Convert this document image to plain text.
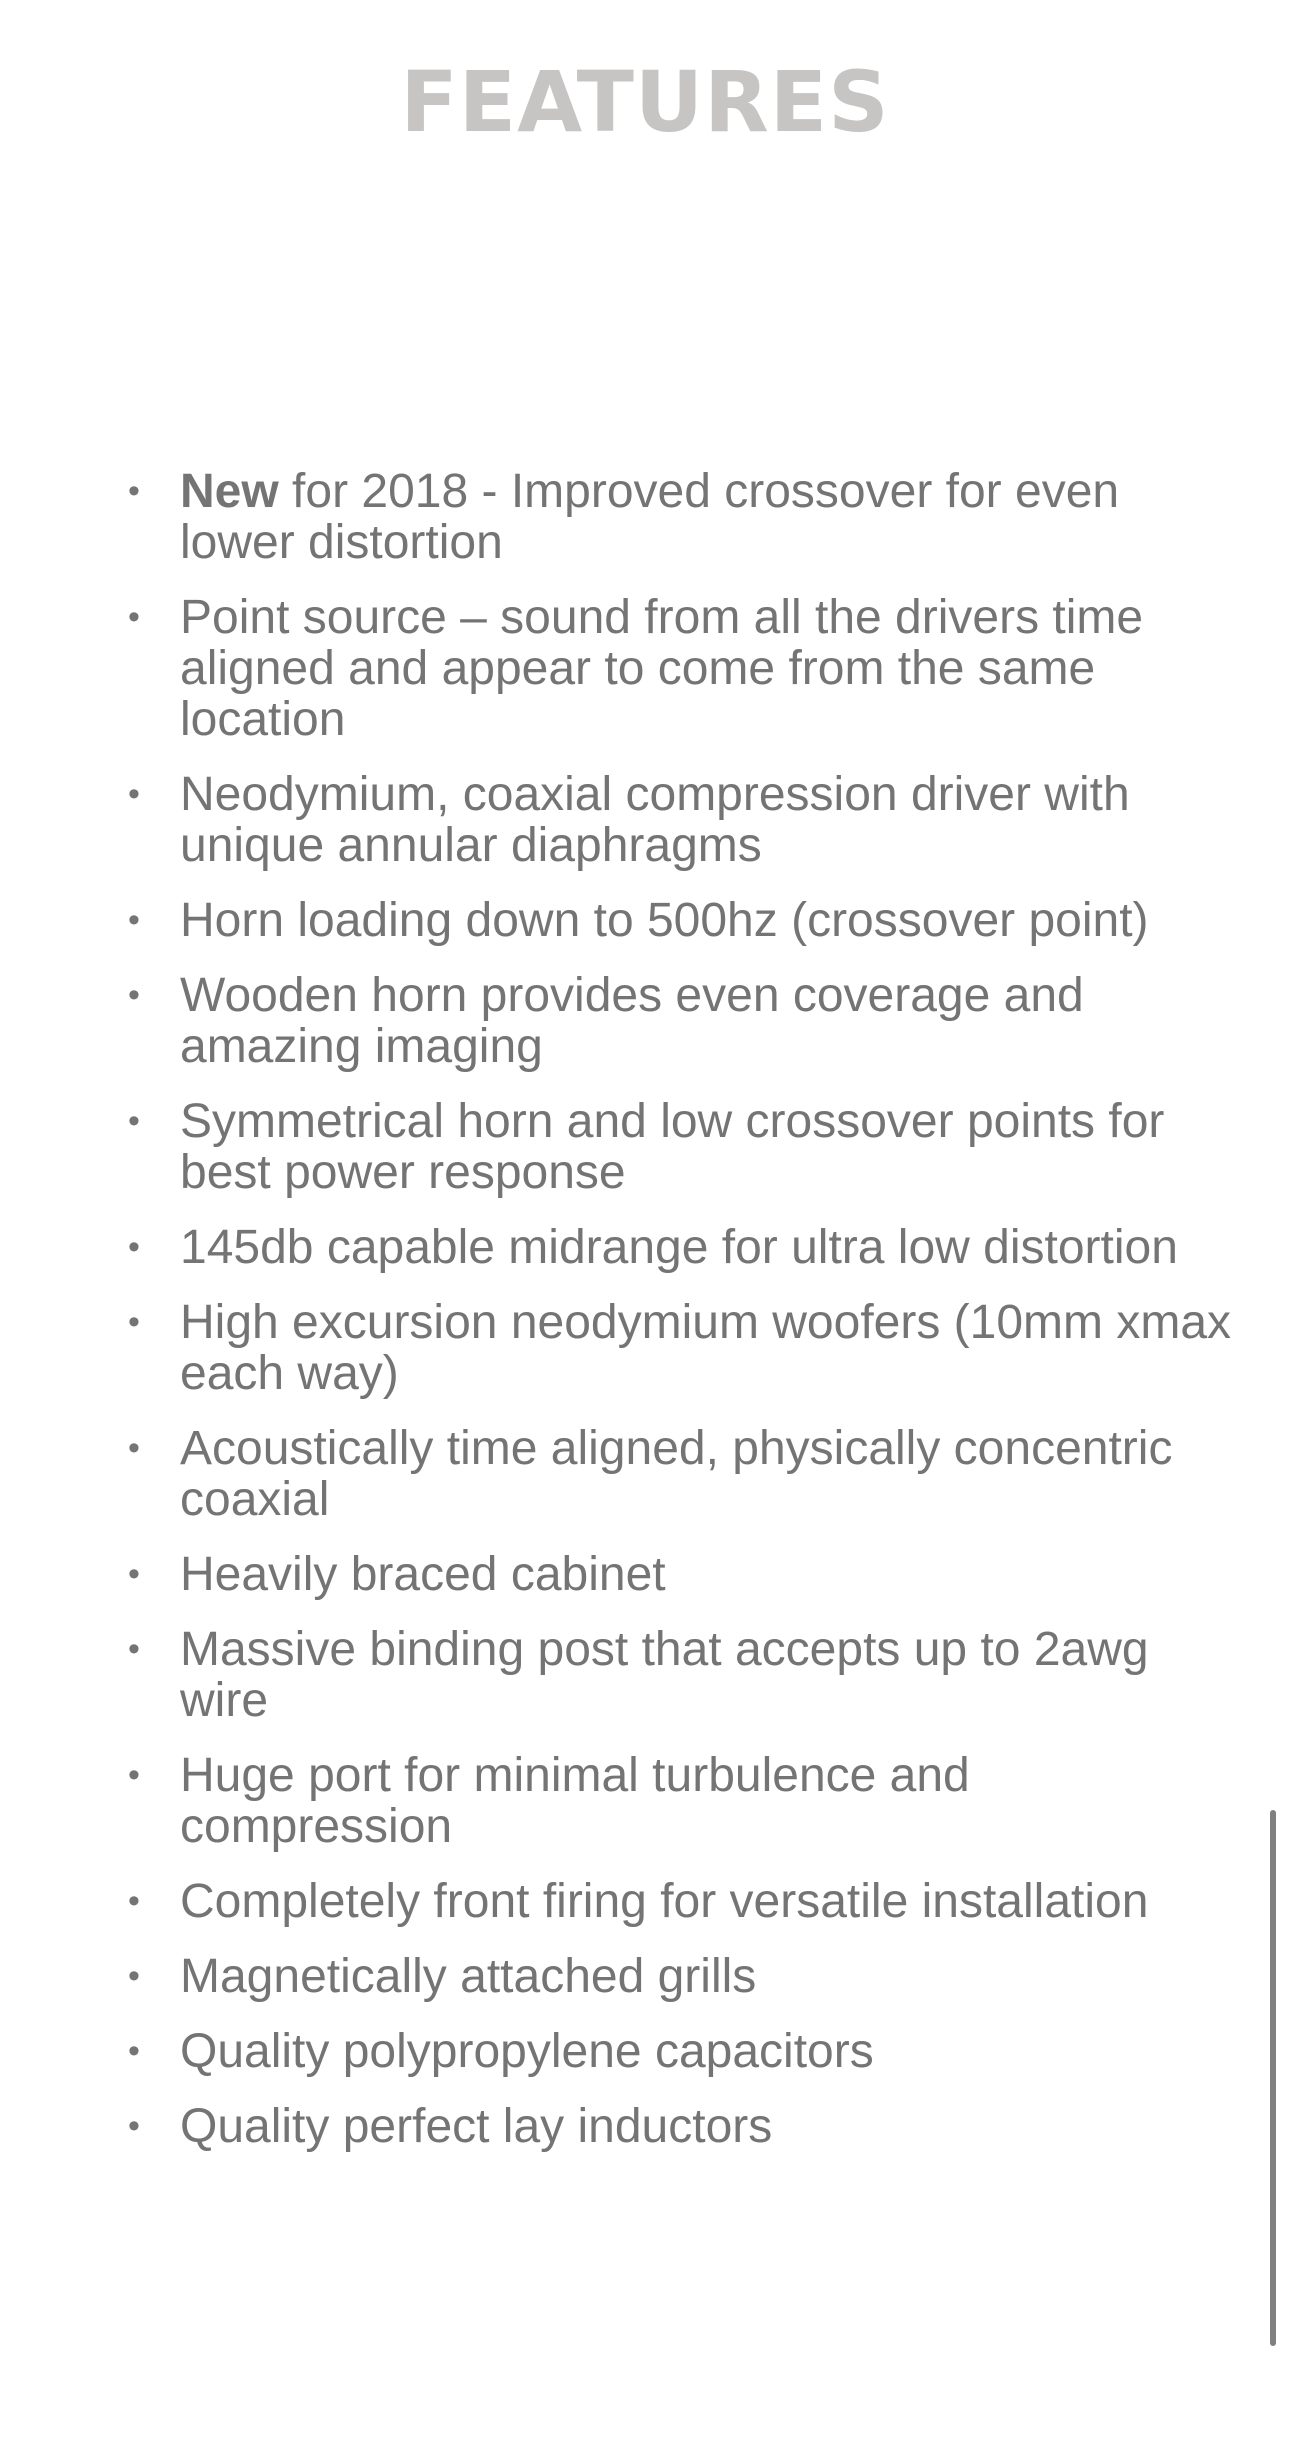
FEATURES
• New for 2018 - Improved crossover for even lower distortion
• Point source – sound from all the drivers time aligned and appear to come from the same location
• Neodymium, coaxial compression driver with unique annular diaphragms
• Horn loading down to 500hz (crossover point)
• Wooden horn provides even coverage and amazing imaging
• Symmetrical horn and low crossover points for best power response
• 145db capable midrange for ultra low distortion
• High excursion neodymium woofers (10mm xmax each way)
• Acoustically time aligned, physically concentric coaxial
• Heavily braced cabinet
• Massive binding post that accepts up to 2awg wire
• Huge port for minimal turbulence and compression
• Completely front firing for versatile installation
• Magnetically attached grills
• Quality polypropylene capacitors
• Quality perfect lay inductors
